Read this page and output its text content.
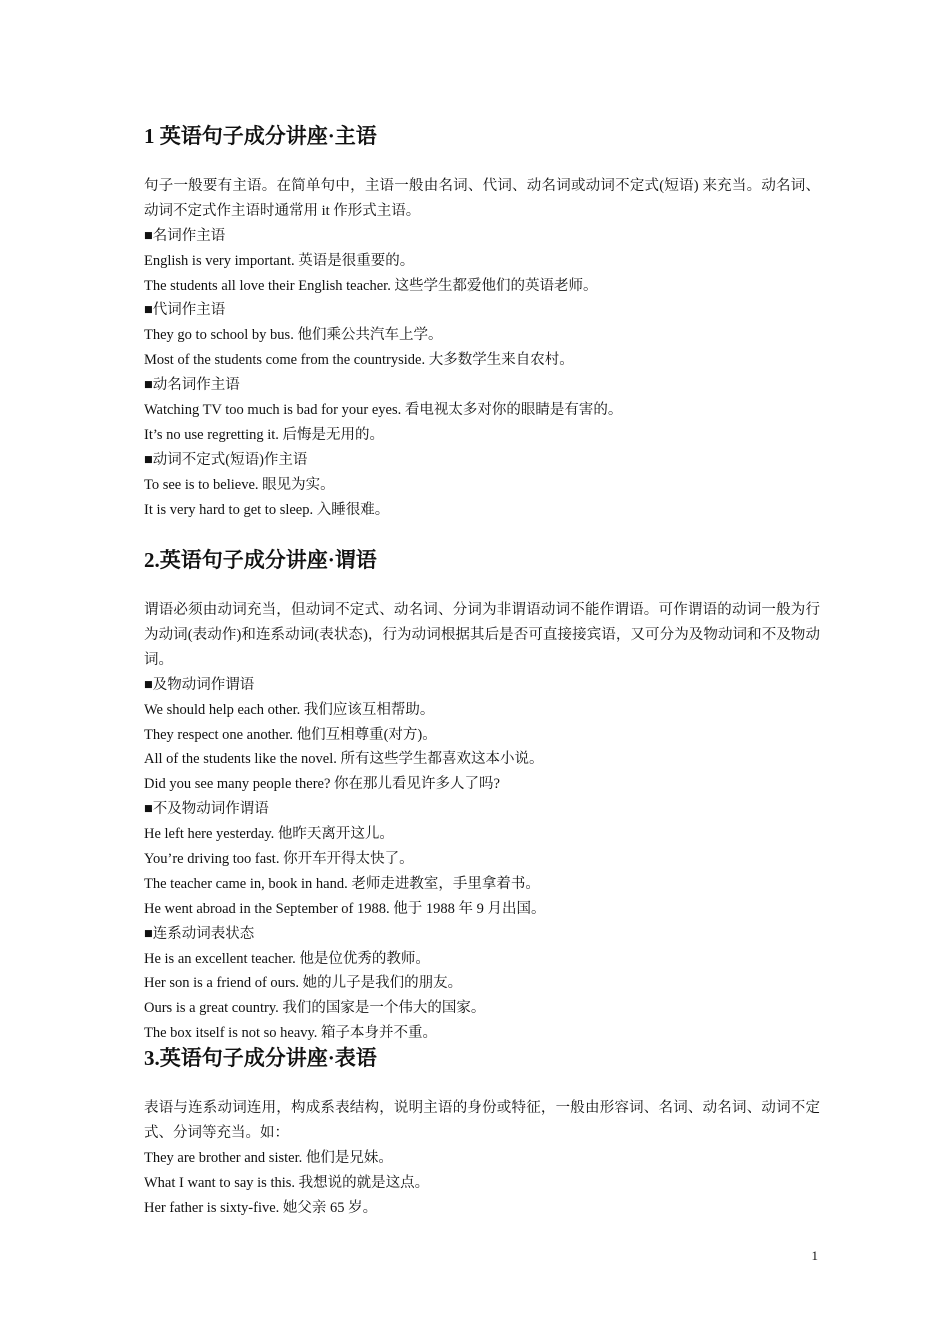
1 英语句子成分讲座·主语

句子一般要有主语。在简单句中，主语一般由名词、代词、动名词或动词不定式(短语) 来充当。动名词、动词不定式作主语时通常用 it 作形式主语。

■名词作主语
English is very important. 英语是很重要的。
The students all love their English teacher. 这些学生都爱他们的英语老师。
■代词作主语
They go to school by bus. 他们乘公共汽车上学。
Most of the students come from the countryside. 大多数学生来自农村。
■动名词作主语
Watching TV too much is bad for your eyes. 看电视太多对你的眼睛是有害的。
It’s no use regretting it. 后悔是无用的。
■动词不定式(短语)作主语
To see is to believe. 眼见为实。
It is very hard to get to sleep. 入睡很难。
2.英语句子成分讲座·谓语

谓语必须由动词充当，但动词不定式、动名词、分词为非谓语动词不能作谓语。可作谓语的动词一般为行为动词(表动作)和连系动词(表状态)，行为动词根据其后是否可直接接宾语，又可分为及物动词和不及物动词。

■及物动词作谓语
We should help each other. 我们应该互相帮助。
They respect one another. 他们互相尊重(对方)。
All of the students like the novel. 所有这些学生都喜欢这本小说。
Did you see many people there? 你在那儿看见许多人了吗?
■不及物动词作谓语
He left here yesterday. 他昨天离开这儿。
You’re driving too fast. 你开车开得太快了。
The teacher came in, book in hand. 老师走进教室，手里拿着书。
He went abroad in the September of 1988. 他于 1988 年 9 月出国。
■连系动词表状态
He is an excellent teacher. 他是位优秀的教师。
Her son is a friend of ours. 她的儿子是我们的朋友。
Ours is a great country. 我们的国家是一个伟大的国家。
The box itself is not so heavy. 箱子本身并不重。
3.英语句子成分讲座·表语

表语与连系动词连用，构成系表结构，说明主语的身份或特征，一般由形容词、名词、动名词、动词不定式、分词等充当。如：

They are brother and sister. 他们是兄妹。
What I want to say is this. 我想说的就是这点。
Her father is sixty-five. 她父亲 65 岁。
1
